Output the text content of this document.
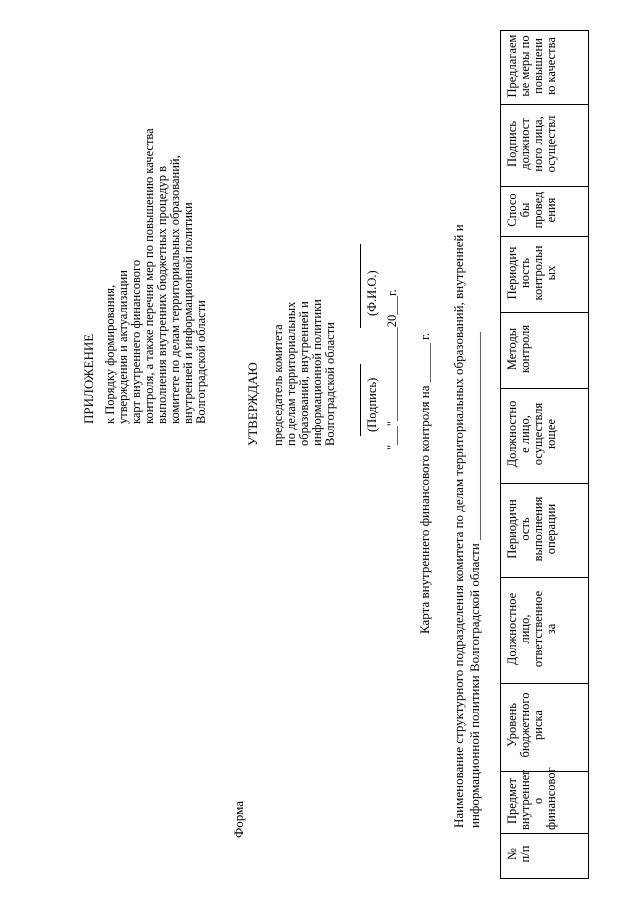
ПРИЛОЖЕНИЕ к Порядку формирования, утверждения и актуализации карт внутреннего финансового контроля, а также перечня мер по повышению качества выполнения внутренних бюджетных процедур в комитете по делам территориальных образований, внутренней и информационной политики Волгоградской области
Форма
УТВЕРЖДАЮ председатель комитета по делам территориальных образований, внутренней и информационной политики Волгоградской области (Подпись)
(Ф.И.О.) "___"_______________20___г. Карта внутреннего финансового контроля на ______ г. Наименование структурного подразделения комитета по делам территориальных образований, внутренней и информационной политики Волгоградской области ________________________________
№
п/п
Предмет
внутреннег
о
финансовог
Уровень
бюджетного
риска
Должностное
лицо,
ответственное
за
Периодичн
ость
выполнения
операции
Должностно
е лицо,
осуществля
ющее
Методы
контроля
Периодич
ность
контрольн
ых
Спосо
бы
провед
ения
Подпись
должност
ного лица,
осуществл
Предлагаем
ые меры по
повышени
ю качества
